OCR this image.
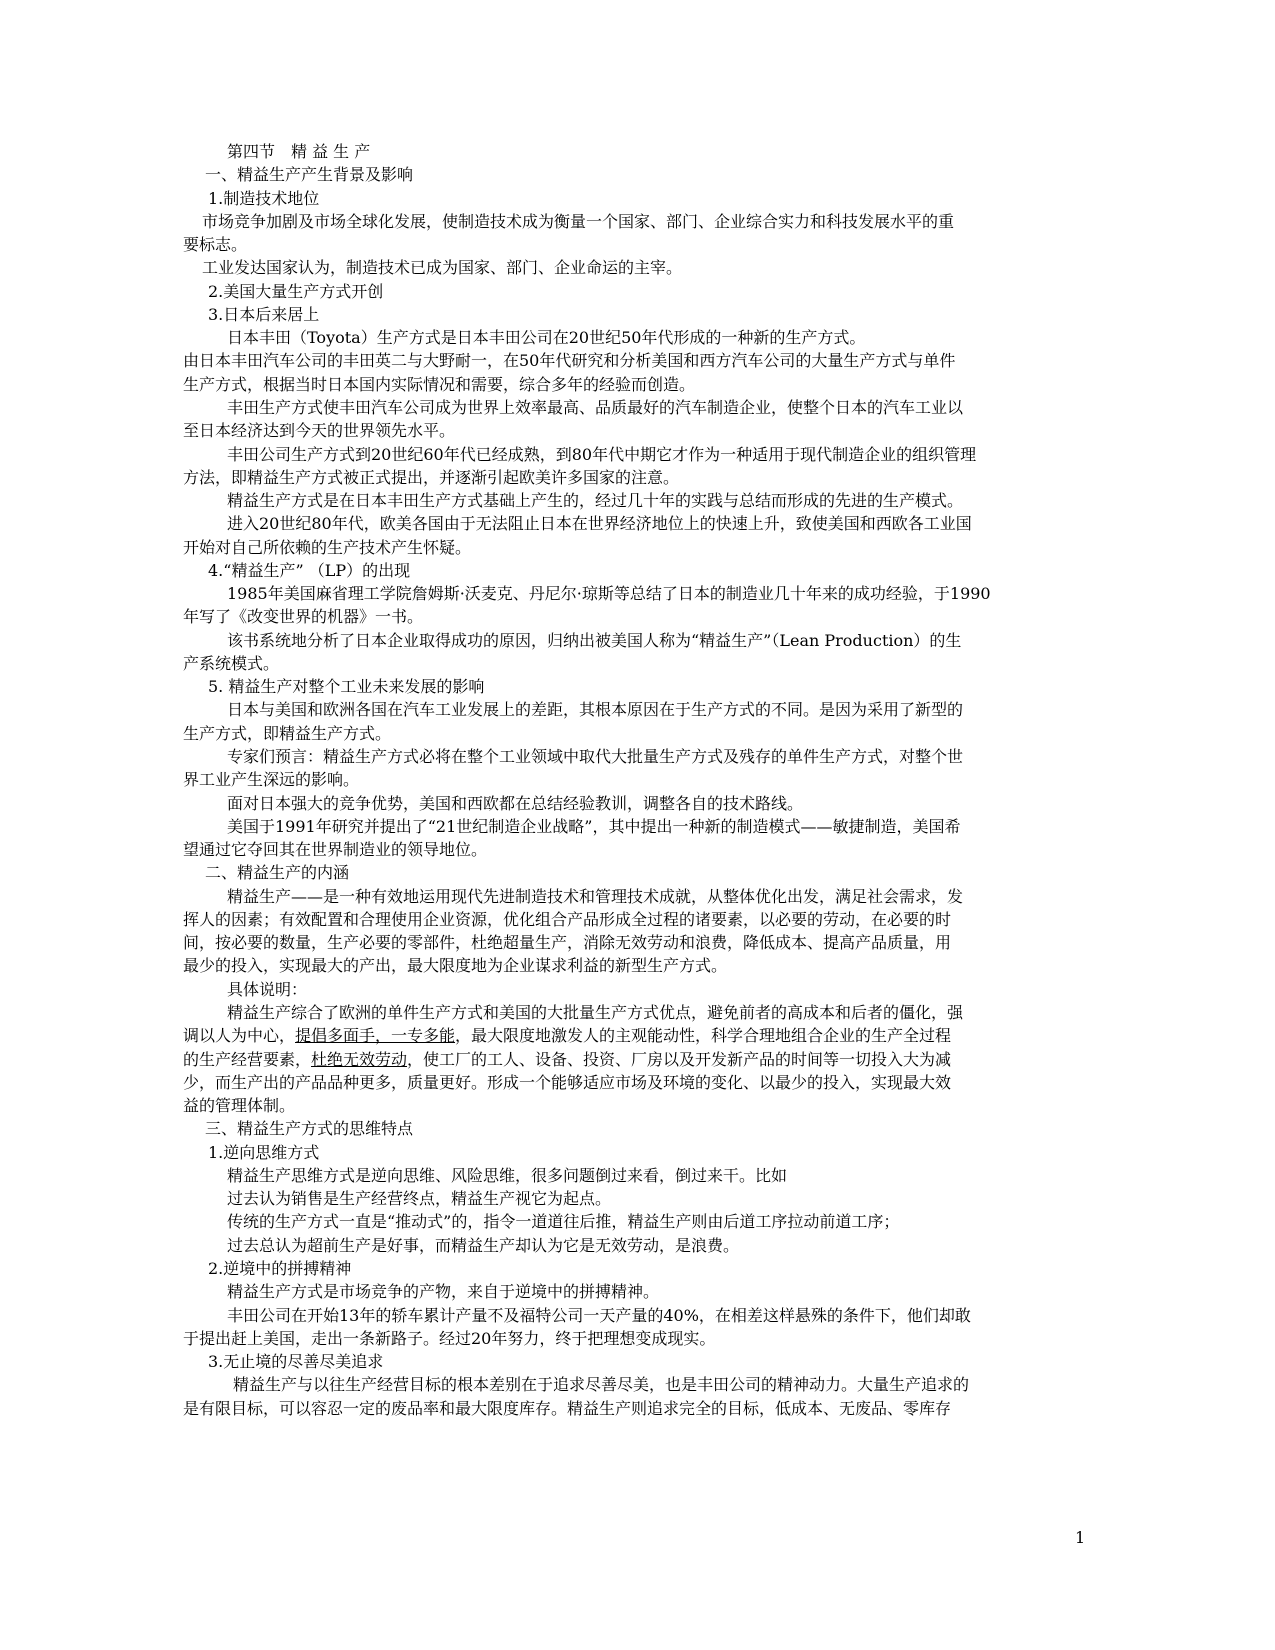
第四节　精 益 生 产
一、精益生产产生背景及影响
1.制造技术地位
市场竞争加剧及市场全球化发展，使制造技术成为衡量一个国家、部门、企业综合实力和科技发展水平的重
要标志。
工业发达国家认为，制造技术已成为国家、部门、企业命运的主宰。
2.美国大量生产方式开创
3.日本后来居上
日本丰田（Toyota）生产方式是日本丰田公司在20世纪50年代形成的一种新的生产方式。
由日本丰田汽车公司的丰田英二与大野耐一，在50年代研究和分析美国和西方汽车公司的大量生产方式与单件
生产方式，根据当时日本国内实际情况和需要，综合多年的经验而创造。
丰田生产方式使丰田汽车公司成为世界上效率最高、品质最好的汽车制造企业，使整个日本的汽车工业以
至日本经济达到今天的世界领先水平。
丰田公司生产方式到20世纪60年代已经成熟，到80年代中期它才作为一种适用于现代制造企业的组织管理
方法，即精益生产方式被正式提出，并逐渐引起欧美许多国家的注意。
精益生产方式是在日本丰田生产方式基础上产生的，经过几十年的实践与总结而形成的先进的生产模式。
进入20世纪80年代，欧美各国由于无法阻止日本在世界经济地位上的快速上升，致使美国和西欧各工业国
开始对自己所依赖的生产技术产生怀疑。
4.“精益生产” （LP）的出现
1985年美国麻省理工学院詹姆斯·沃麦克、丹尼尔·琼斯等总结了日本的制造业几十年来的成功经验，于1990
年写了《改变世界的机器》一书。
该书系统地分析了日本企业取得成功的原因，归纳出被美国人称为“精益生产”（Lean Production）的生
产系统模式。
5. 精益生产对整个工业未来发展的影响
日本与美国和欧洲各国在汽车工业发展上的差距，其根本原因在于生产方式的不同。是因为采用了新型的
生产方式，即精益生产方式。
专家们预言：精益生产方式必将在整个工业领域中取代大批量生产方式及残存的单件生产方式，对整个世
界工业产生深远的影响。
面对日本强大的竞争优势，美国和西欧都在总结经验教训，调整各自的技术路线。
美国于1991年研究并提出了“21世纪制造企业战略”，其中提出一种新的制造模式——敏捷制造，美国希
望通过它夺回其在世界制造业的领导地位。
二、精益生产的内涵
精益生产——是一种有效地运用现代先进制造技术和管理技术成就，从整体优化出发，满足社会需求，发
挥人的因素；有效配置和合理使用企业资源，优化组合产品形成全过程的诸要素，以必要的劳动，在必要的时
间，按必要的数量，生产必要的零部件，杜绝超量生产，消除无效劳动和浪费，降低成本、提高产品质量，用
最少的投入，实现最大的产出，最大限度地为企业谋求利益的新型生产方式。
具体说明：
精益生产综合了欧洲的单件生产方式和美国的大批量生产方式优点，避免前者的高成本和后者的僵化，强
调以人为中心，提倡多面手，一专多能，最大限度地激发人的主观能动性，科学合理地组合企业的生产全过程
的生产经营要素，杜绝无效劳动，使工厂的工人、设备、投资、厂房以及开发新产品的时间等一切投入大为减
少，而生产出的产品品种更多，质量更好。形成一个能够适应市场及环境的变化、以最少的投入，实现最大效
益的管理体制。
三、精益生产方式的思维特点
1.逆向思维方式
精益生产思维方式是逆向思维、风险思维，很多问题倒过来看，倒过来干。比如
过去认为销售是生产经营终点，精益生产视它为起点。
传统的生产方式一直是“推动式”的，指令一道道往后推，精益生产则由后道工序拉动前道工序；
过去总认为超前生产是好事，而精益生产却认为它是无效劳动，是浪费。
2.逆境中的拼搏精神
精益生产方式是市场竞争的产物，来自于逆境中的拼搏精神。
丰田公司在开始13年的轿车累计产量不及福特公司一天产量的40%，在相差这样悬殊的条件下，他们却敢
于提出赶上美国，走出一条新路子。经过20年努力，终于把理想变成现实。
3.无止境的尽善尽美追求
精益生产与以往生产经营目标的根本差别在于追求尽善尽美，也是丰田公司的精神动力。大量生产追求的
是有限目标，可以容忍一定的废品率和最大限度库存。精益生产则追求完全的目标，低成本、无废品、零库存
1
